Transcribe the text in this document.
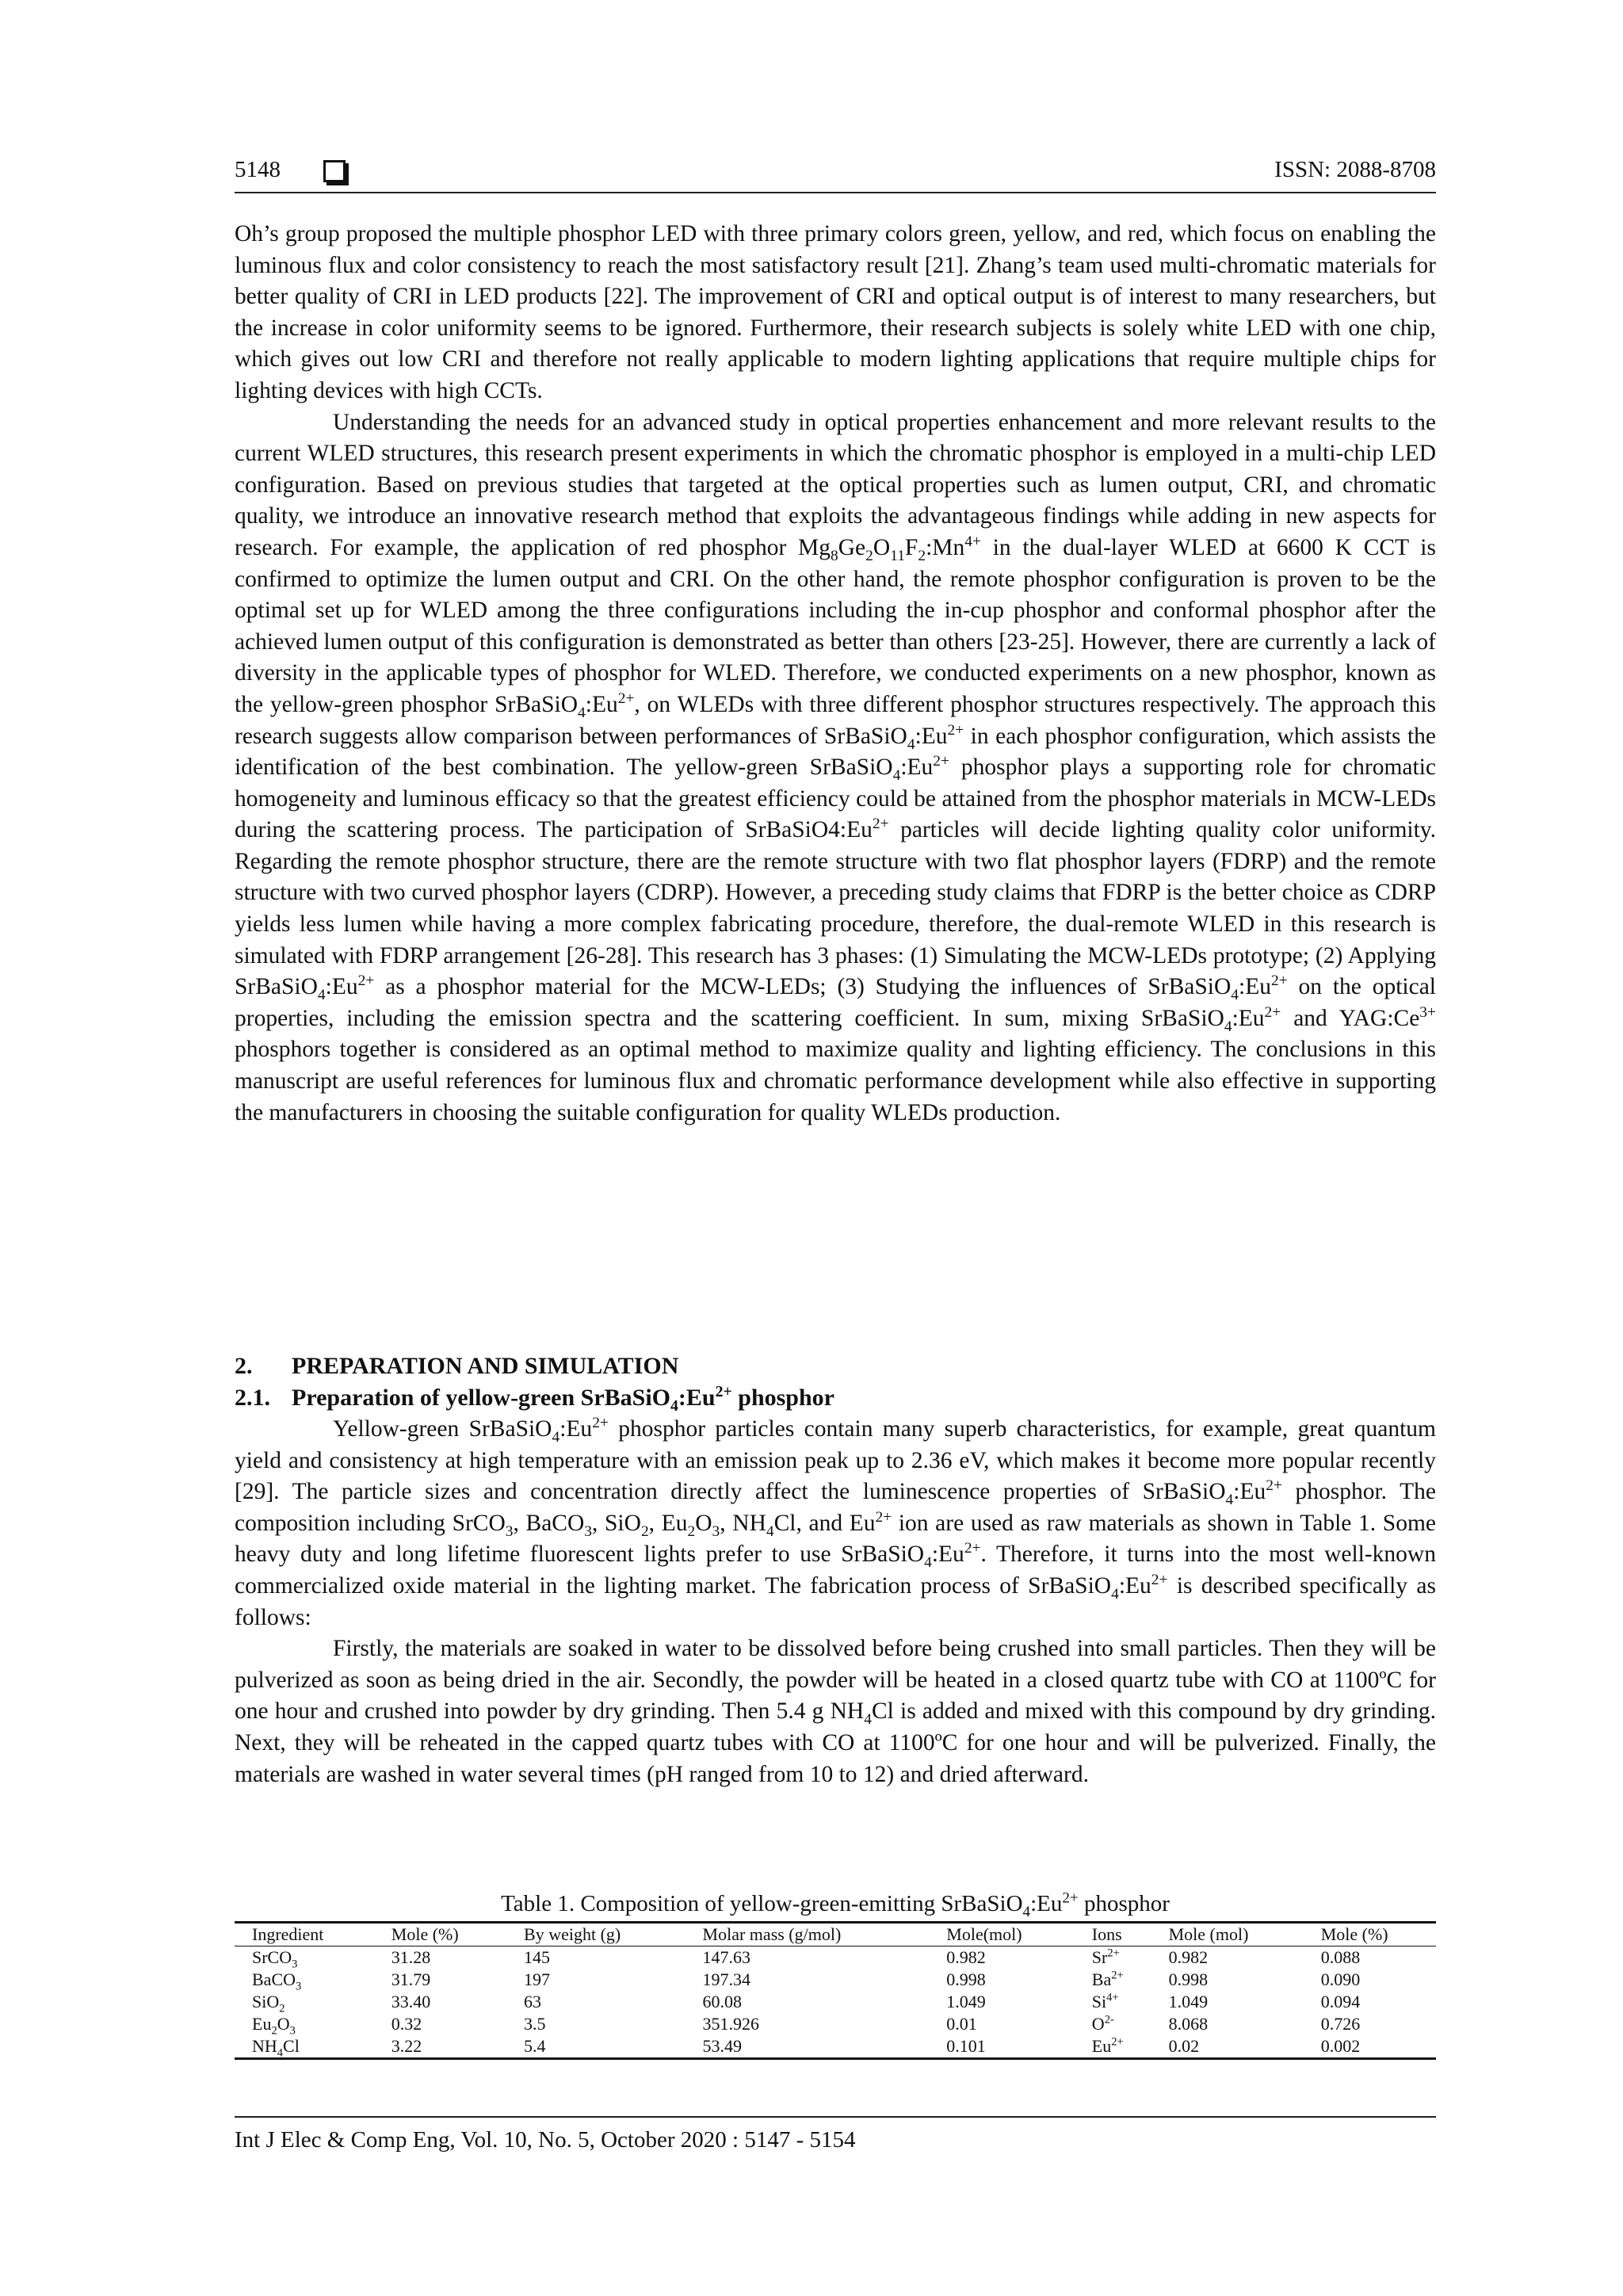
5148	ISSN: 2088-8708

Oh’s group proposed the multiple phosphor LED with three primary colors green, yellow, and red, which focus on enabling the luminous flux and color consistency to reach the most satisfactory result [21]. Zhang’s team used multi-chromatic materials for better quality of CRI in LED products [22]. The improvement of CRI and optical output is of interest to many researchers, but the increase in color uniformity seems to be ignored. Furthermore, their research subjects is solely white LED with one chip, which gives out low CRI and therefore not really applicable to modern lighting applications that require multiple chips for lighting devices with high CCTs.

Understanding the needs for an advanced study in optical properties enhancement and more relevant results to the current WLED structures, this research present experiments in which the chromatic phosphor is employed in a multi-chip LED configuration. Based on previous studies that targeted at the optical properties such as lumen output, CRI, and chromatic quality, we introduce an innovative research method that exploits the advantageous findings while adding in new aspects for research. For example, the application of red phosphor $Mg_8Ge_2O_{11}F_2:Mn^{4+}$ in the dual-layer WLED at 6600 K CCT is confirmed to optimize the lumen output and CRI. On the other hand, the remote phosphor configuration is proven to be the optimal set up for WLED among the three configurations including the in-cup phosphor and conformal phosphor after the achieved lumen output of this configuration is demonstrated as better than others [23-25]. However, there are currently a lack of diversity in the applicable types of phosphor for WLED. Therefore, we conducted experiments on a new phosphor, known as the yellow-green phosphor $SrBaSiO_4:Eu^{2+}$, on WLEDs with three different phosphor structures respectively. The approach this research suggests allow comparison between performances of $SrBaSiO_4:Eu^{2+}$ in each phosphor configuration, which assists the identification of the best combination. The yellow-green $SrBaSiO_4:Eu^{2+}$ phosphor plays a supporting role for chromatic homogeneity and luminous efficacy so that the greatest efficiency could be attained from the phosphor materials in MCW-LEDs during the scattering process. The participation of $SrBaSiO4:Eu^{2+}$ particles will decide lighting quality color uniformity. Regarding the remote phosphor structure, there are the remote structure with two flat phosphor layers (FDRP) and the remote structure with two curved phosphor layers (CDRP). However, a preceding study claims that FDRP is the better choice as CDRP yields less lumen while having a more complex fabricating procedure, therefore, the dual-remote WLED in this research is simulated with FDRP arrangement [26-28]. This research has 3 phases: (1) Simulating the MCW-LEDs prototype; (2) Applying $SrBaSiO_4:Eu^{2+}$ as a phosphor material for the MCW-LEDs; (3) Studying the influences of $SrBaSiO_4:Eu^{2+}$ on the optical properties, including the emission spectra and the scattering coefficient. In sum, mixing $SrBaSiO_4:Eu^{2+}$ and $YAG:Ce^{3+}$ phosphors together is considered as an optimal method to maximize quality and lighting efficiency. The conclusions in this manuscript are useful references for luminous flux and chromatic performance development while also effective in supporting the manufacturers in choosing the suitable configuration for quality WLEDs production.

2. PREPARATION AND SIMULATION
2.1. Preparation of yellow-green $SrBaSiO_4:Eu^{2+}$ phosphor

Yellow-green $SrBaSiO_4:Eu^{2+}$ phosphor particles contain many superb characteristics, for example, great quantum yield and consistency at high temperature with an emission peak up to 2.36 eV, which makes it become more popular recently [29]. The particle sizes and concentration directly affect the luminescence properties of $SrBaSiO_4:Eu^{2+}$ phosphor. The composition including SrCO$_3$, BaCO$_3$, SiO$_2$, $Eu_2O_3$, $NH_4Cl$, and $Eu^{2+}$ ion are used as raw materials as shown in Table 1. Some heavy duty and long lifetime fluorescent lights prefer to use $SrBaSiO_4:Eu^{2+}$. Therefore, it turns into the most well-known commercialized oxide material in the lighting market. The fabrication process of $SrBaSiO_4:Eu^{2+}$ is described specifically as follows:

Firstly, the materials are soaked in water to be dissolved before being crushed into small particles. Then they will be pulverized as soon as being dried in the air. Secondly, the powder will be heated in a closed quartz tube with CO at 1100ºC for one hour and crushed into powder by dry grinding. Then 5.4 g $NH_4Cl$ is added and mixed with this compound by dry grinding. Next, they will be reheated in the capped quartz tubes with CO at 1100ºC for one hour and will be pulverized. Finally, the materials are washed in water several times (pH ranged from 10 to 12) and dried afterward.

Table 1. Composition of yellow-green-emitting $SrBaSiO_4:Eu^{2+}$ phosphor
Ingredient	Mole (%)	By weight (g)	Molar mass (g/mol)	Mole(mol)	Ions	Mole (mol)	Mole (%)
SrCO$_3$	31.28	145	147.63	0.982	$Sr^{2+}$	0.982	0.088
BaCO$_3$	31.79	197	197.34	0.998	$Ba^{2+}$	0.998	0.090
SiO$_2$	33.40	63	60.08	1.049	$Si^{4+}$	1.049	0.094
$Eu_2O_3$	0.32	3.5	351.926	0.01	$O^{2-}$	8.068	0.726
$NH_4Cl$	3.22	5.4	53.49	0.101	$Eu^{2+}$	0.02	0.002
Int J Elec & Comp Eng, Vol. 10, No. 5, October 2020 : 5147 - 5154
